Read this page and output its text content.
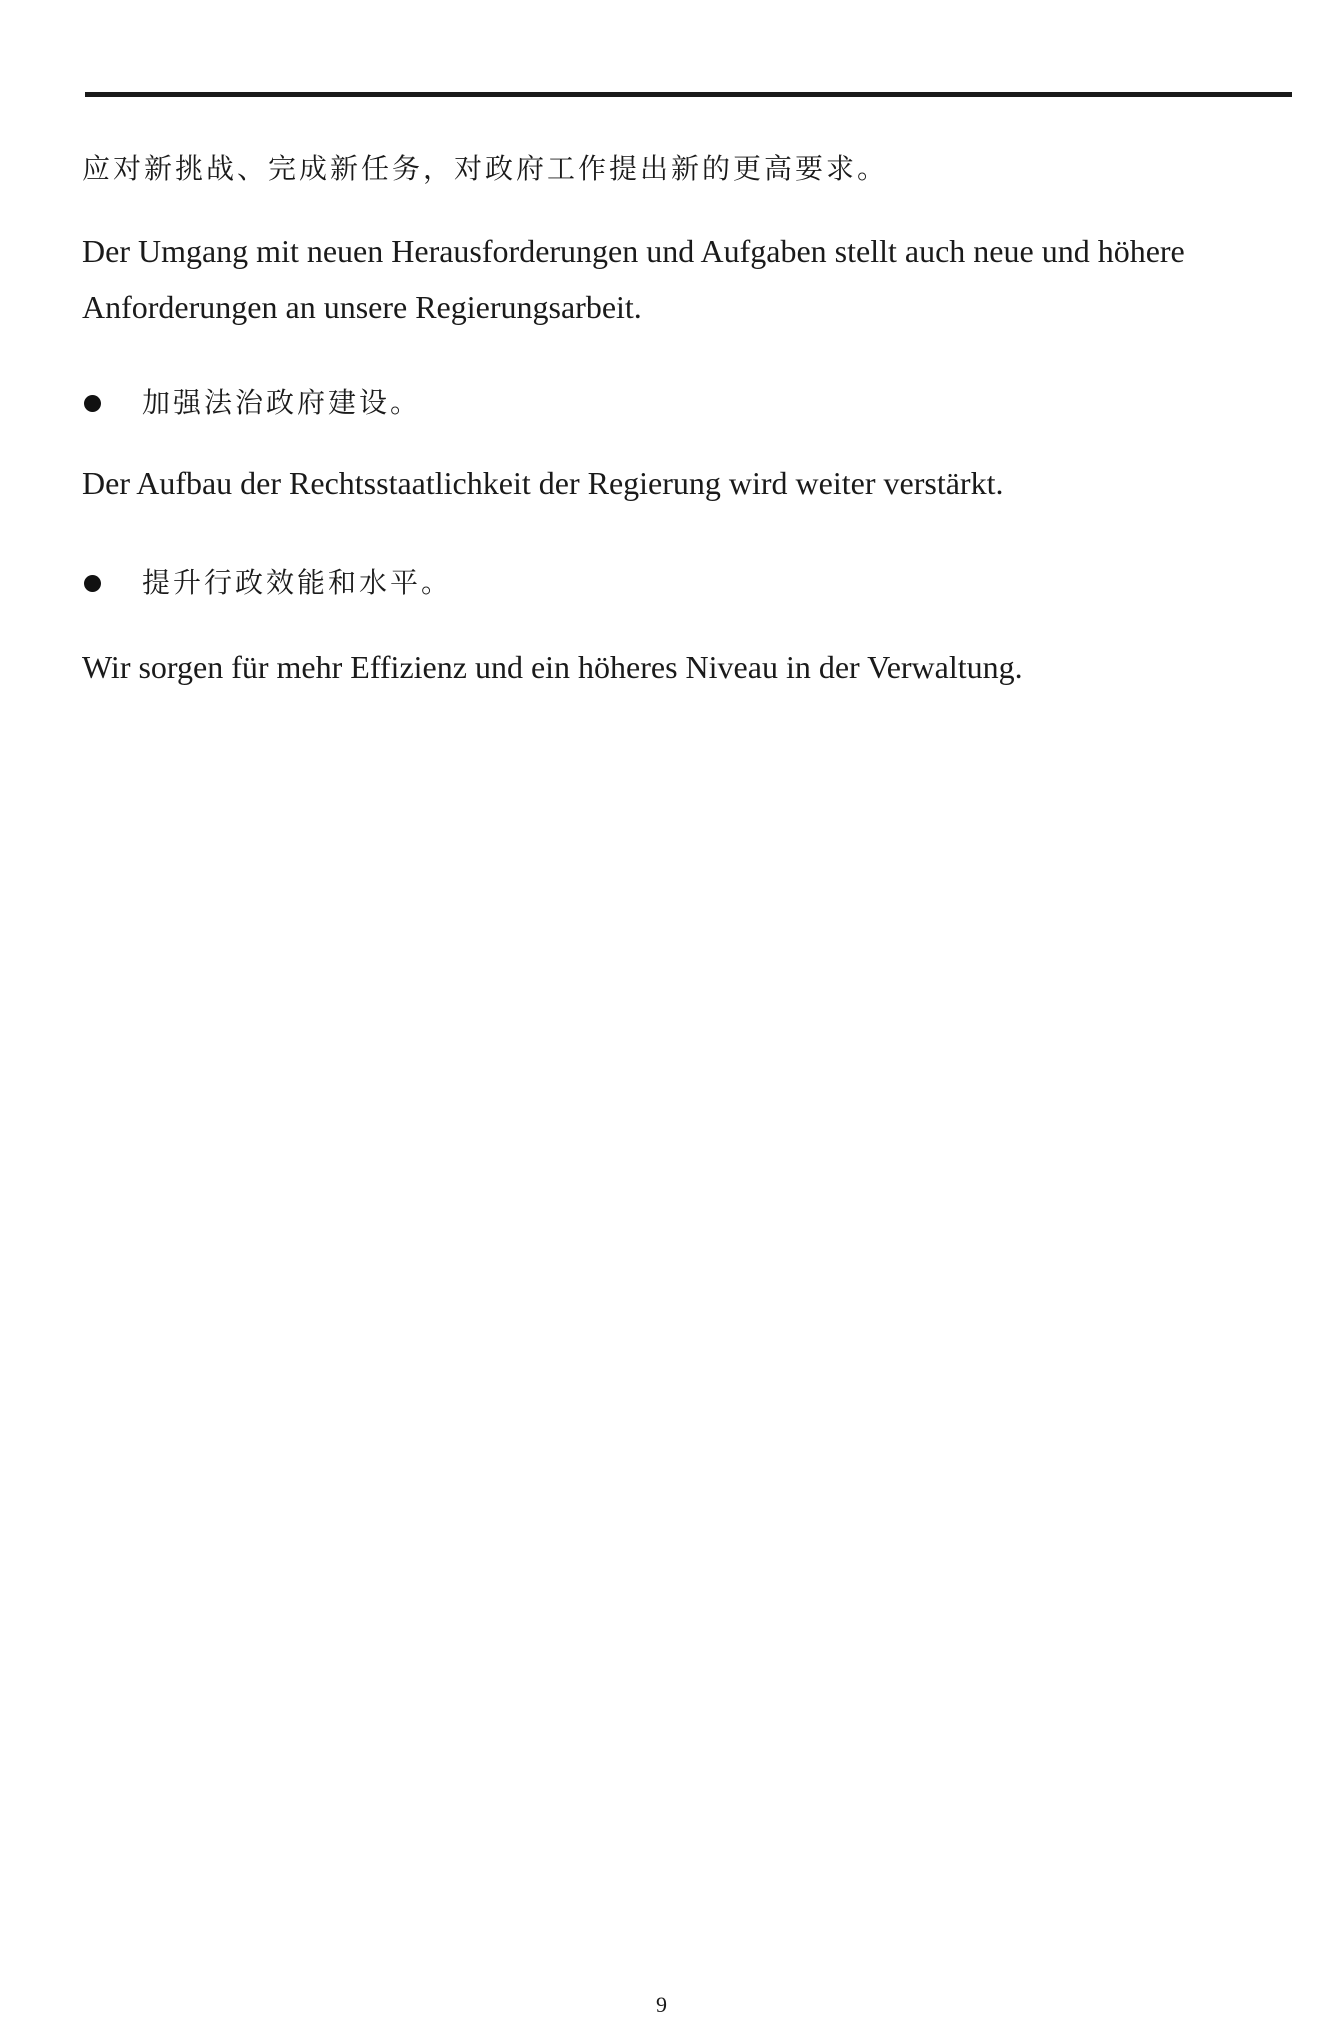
应对新挑战、完成新任务，对政府工作提出新的更高要求。
Der Umgang mit neuen Herausforderungen und Aufgaben stellt auch neue und höhere Anforderungen an unsere Regierungsarbeit.
加强法治政府建设。
Der Aufbau der Rechtsstaatlichkeit der Regierung wird weiter verstärkt.
提升行政效能和水平。
Wir sorgen für mehr Effizienz und ein höheres Niveau in der Verwaltung.
9
